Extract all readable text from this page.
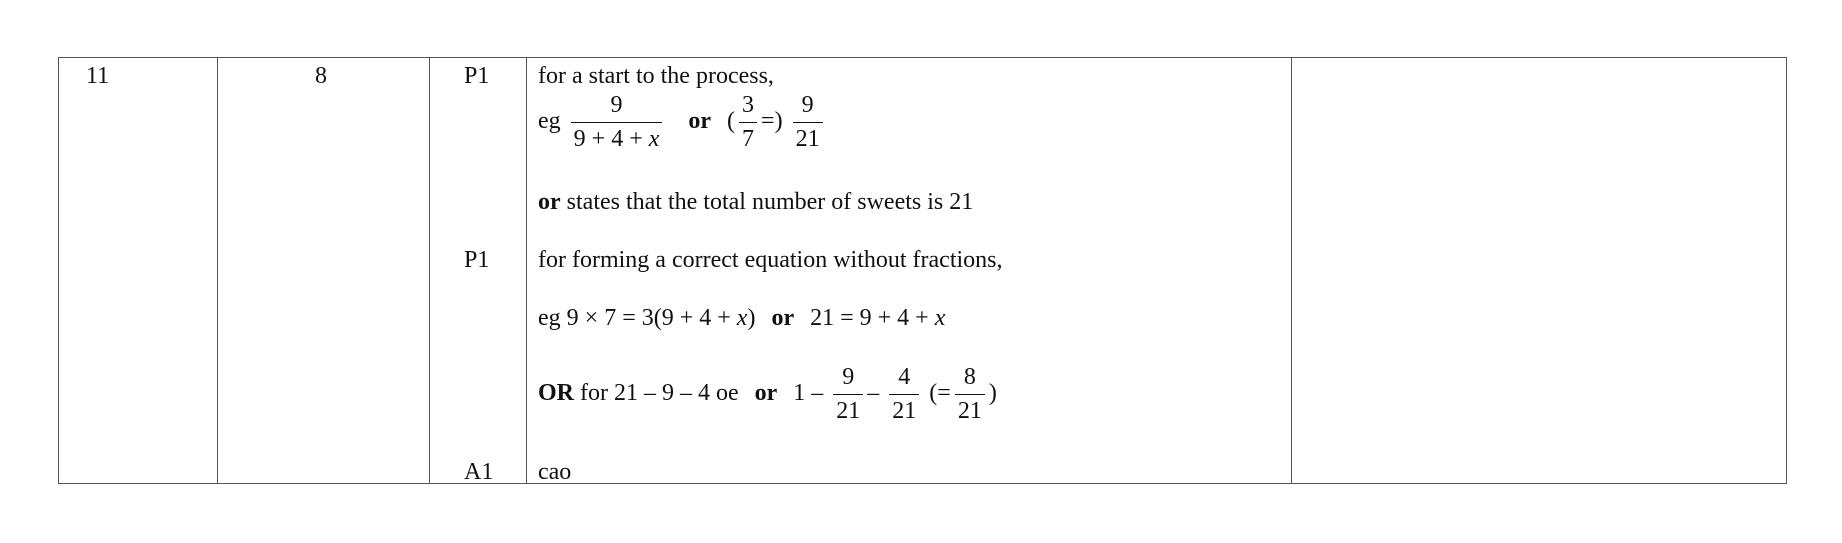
11	8	P1
P1
A1
for a start to the process,
eg $\frac{9}{9 + 4 + x}$ or ( $\frac{3}{7}$ =) $\frac{9}{21}$
or states that the total number of sweets is 21
for forming a correct equation without fractions,
eg 9 × 7 = 3(9 + 4 + x) or 21 = 9 + 4 + x
OR for 21 – 9 – 4 oe or $1 - \frac{9}{21} - \frac{4}{21}$ (= $\frac{8}{21}$ )
cao
